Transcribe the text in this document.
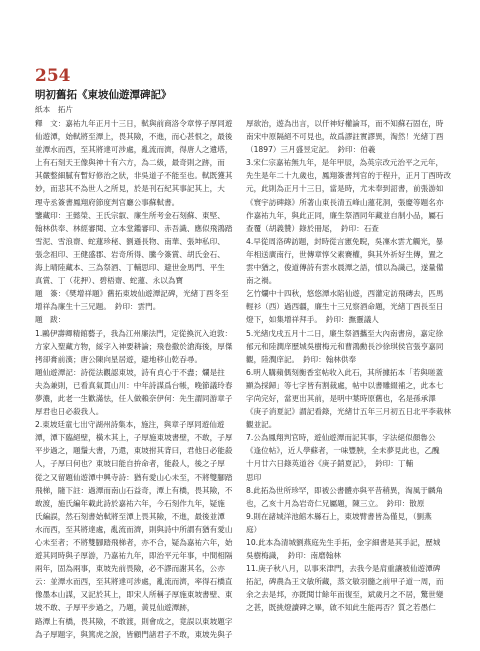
254
明初舊拓《東坡仙遊潭碑記》
紙本　拓片
釋　文：嘉祐九年正月十三日，軾與前商洛令章惇子厚同遊
仙遊潭，始軾將至潭上，畏其險，不進，而心甚恨之，最後
並潭水而西，至其將達可涉處，亂流而濟，得唐人之遺塔，
上有石刻天王像與神十有六方，為二級，最奇則之跡，而
其嚴整細膩有暫好修治之狀，非吳道子不能至也。軾既獲其
妙，而悲其不為世人之所見，於是刊石紀其事記其上，大
理寺丞簽書鳳翔府節度判官廳公事蘇軾書。
鑒藏印：王懿榮、王氏宗叡、廉生所考金石刻蘇、東堅、
翰林供奉、林經審閱、立本堂鑑審印、赤吾識、應似飛鴻踏
雪泥、雪浪齋、蛇蓮珍秘、劉遜長物、南華、張坤私印、
張念祖印、王健盛郡、岩奇所得、騰今簽賞、胡氏金石、
海上晴陸藏本、三為祭酒、丁輔思印、避世金馬門、平生
真賞、丁（花押）、碧梧齋、蛇蓮、永以為寶
題　簽：《樊增祥題》舊拓東坡仙遊潭記碑，光緒丁酉冬至
增祥為廉生十三兄題。　鈐印：雲門。
題　跋：
1.鷗伊壽卿精館藝子，我為江州廉法門，定從換沉入迫敦：
方家入聖藏方物，綏字入神要耕論；飛卷撒於滄海後，厚傑
拷卻膏前漢；唐公陳向星居遊，避地移山乾吞尋。
題仙遊潭記：詩從法觀認東坡，詩有貞心于不盡；爛是拄
夫為兼則，已看真氣貫山川：中年詩謀爲台帳，晚節議玲春
夢濃，此老一生歡滿怯，任人做賴奈伊何：先生謂同游章子
厚君也日必殺我人。
2.東坡廷童七出守湖州詩集本，施注，與章子厚同遊仙遊
潭，潭下臨絕壁，橫木其上，子厚施東坡書壁，不敢，子厚
平步過之，題鬚大書，乃還，東坡拊其背曰，君他日必能殺
人，子厚曰何也？東坡曰能自拚命者，能殺人，後之子厚
從之又留題仙遊潭中興寺詩：猶有愛山心未至，不將雙腳踏
飛梯，隨下註：過潭而南山石益奇，潭上有橋，畏其險，不
敢渡，施氏編年載此詩於嘉祐六年，今石刻作九年，疑施
氏編誤，然石刻書始軾將至潭上畏其險，不進，最後並潭
水而西，至其將達處，亂流而濟，則與詩中所謂有猶有愛山
心未至者；不將雙腳踏飛梯者，亦不合，疑為嘉祐六年，始
遊其同時與子厚游，乃嘉祐九年，即治平元年事，中間相隔
兩年，固為兩事，東坡先前畏險，必不謬而謝其名，公亦
云：並潭水而西，至其將達可涉處，亂流而濟，率得石橋直
像墨本山謀，又記於其上，即宋人所稱子厚施東坡書壁、東
坡不敢、子厚平步過之，乃題，黃見仙遊潭跡，
路潭上有橋，畏其險，不敢渡，則會成之，竟誤以東坡題字
為子厚題字，與篤虎之說，皆顧門諸君子不敢，東坡先與子
厚欲治，遊為出言，以仟神好權論耳，而不知蘇石固在，時
南宋中原隔絕不可見也，故爲謬註實謬異，淘然！光緒丁酉
（1897）三月盛昱定記。　鈐印：伯羲
3.宋仁宗嘉祐無九年，是年甲辰，為英宗改元治平之元年，
先生是年二十九歲也，鳳翔簽書判官的于程升，正月丁酉時改
元，此則為正月十三日，當是時，尤未奉到詔書，前張游如
《寰宇訪碑錄》所著山東長清五峰山蓮花洞，張慶等題名亦
作嘉祐九年，與此正同，廉生祭酒同年藏並自制小品，屬石
查覆（胡義贊）錄於冊尾，　鈐印：石查
4.早從周洛碑訪題，封時從言憲免睨，吳凜水雲尤觸光，暴
年相送廣南行，世傳章惇父素賽權，與其外祈好生傳，置之
雲中猶之，俊道傳詩有雲水晨潭之語，憤以為識己，遂量備
南之禍。
乞竹爛中十四秋，悠悠潭水陷仙遊，西灌定訪飛磚去，匹馬
輕衫（西）過西疆，廉生十三兄察酒命題，光緒丁酉長至日
燈下，如集增祥拜手。　鈐印：撫靈議人
5.光緒戊戌五月十二日，廉生祭酒攜至大內南書房，嘉定徐
郁元和陸潤庠歷城吳樹梅元和曹鴻勳長沙徐琪侯官張亨嘉同
觀，陸潤庠記。　鈐印：翰林供奉
6.明人購蘋偶刻衡香室帖收入此石，其所據拓本「若與嗟蓋
顯為採歸」等七字皆有割裁處，帖中以書雕綴補之，此本七
字尚完好，當更出其前，是明中葉時原舊也，名是孫承澤
《庚子消夏記》謂記看錄，光緒廿五年三月初五日北平李栽林
觀並記。
7.公為鳳翔判官時，遊仙遊潭而記其事，字法絕似顏魯公
《逢位帖》，近人學蘇者，一味豐腴，全未夢見此也，乙醜
十月廿六日錄英道谷《庚子銷夏記》，　鈐印：丁輔
思印
8.此拓為世所珍罕，即被公書體亦與平昔稍異，淘風于麟角
也，乙亥十月為岩奇仁兄屬題，陳三立。　鈐印：散原
9.則在諸城洋池館木縣石上，東坡臂書皆為僅見，（劉燕
庭）
10.此本為清城劉燕庭先生手拓，金字細書是其手記，歷城
吳樹梅識，　鈐印：南磨翰林
11.庚子秋八月，以事來津門，去我今是肩重讓被仙遊潭碑
拓記，碑農為王文敏所藏，蒸文敏羽髓之前甲子道一周，而
余之去是邦，亦既閱廿餘年而復至，斌歲月之不居，驚世變
之甚，既挑燈讀碑之畢，啟不知此生能再否？質之若愚仁
